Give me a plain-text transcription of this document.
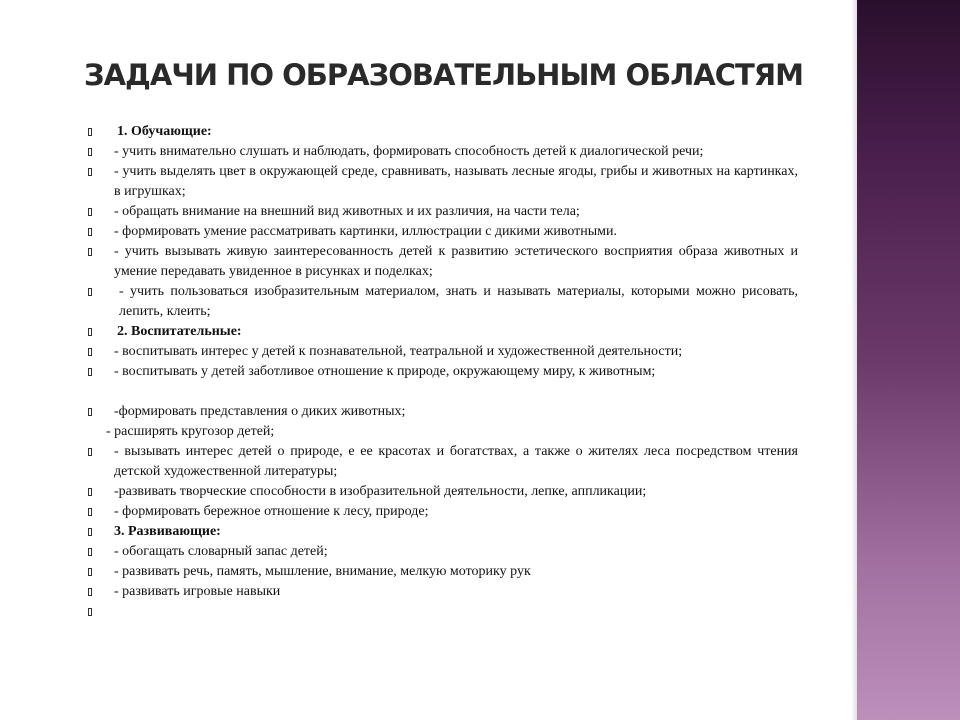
ЗАДАЧИ ПО ОБРАЗОВАТЕЛЬНЫМ ОБЛАСТЯМ
1. Обучающие:
- учить внимательно слушать и наблюдать, формировать способность детей к диалогической речи;
- учить выделять цвет в окружающей среде, сравнивать, называть лесные ягоды, грибы и животных на картинках, в игрушках;
- обращать внимание на внешний вид животных и их различия, на части тела;
- формировать умение рассматривать картинки, иллюстрации с дикими животными.
- учить вызывать живую заинтересованность детей к развитию эстетического восприятия образа животных и умение передавать увиденное в рисунках и поделках;
- учить пользоваться изобразительным материалом, знать и называть материалы, которыми можно рисовать, лепить, клеить;
2. Воспитательные:
- воспитывать интерес у детей к познавательной, театральной и художественной деятельности;
- воспитывать у детей заботливое отношение к природе, окружающему миру, к животным;
-формировать представления о диких животных;
- расширять кругозор детей;
- вызывать интерес детей о природе, е ее красотах и богатствах, а также о жителях леса посредством чтения детской художественной литературы;
-развивать творческие способности в изобразительной деятельности, лепке, аппликации;
- формировать бережное отношение к лесу, природе;
3. Развивающие:
- обогащать словарный запас детей;
- развивать речь, память, мышление, внимание, мелкую моторику рук
- развивать игровые навыки
